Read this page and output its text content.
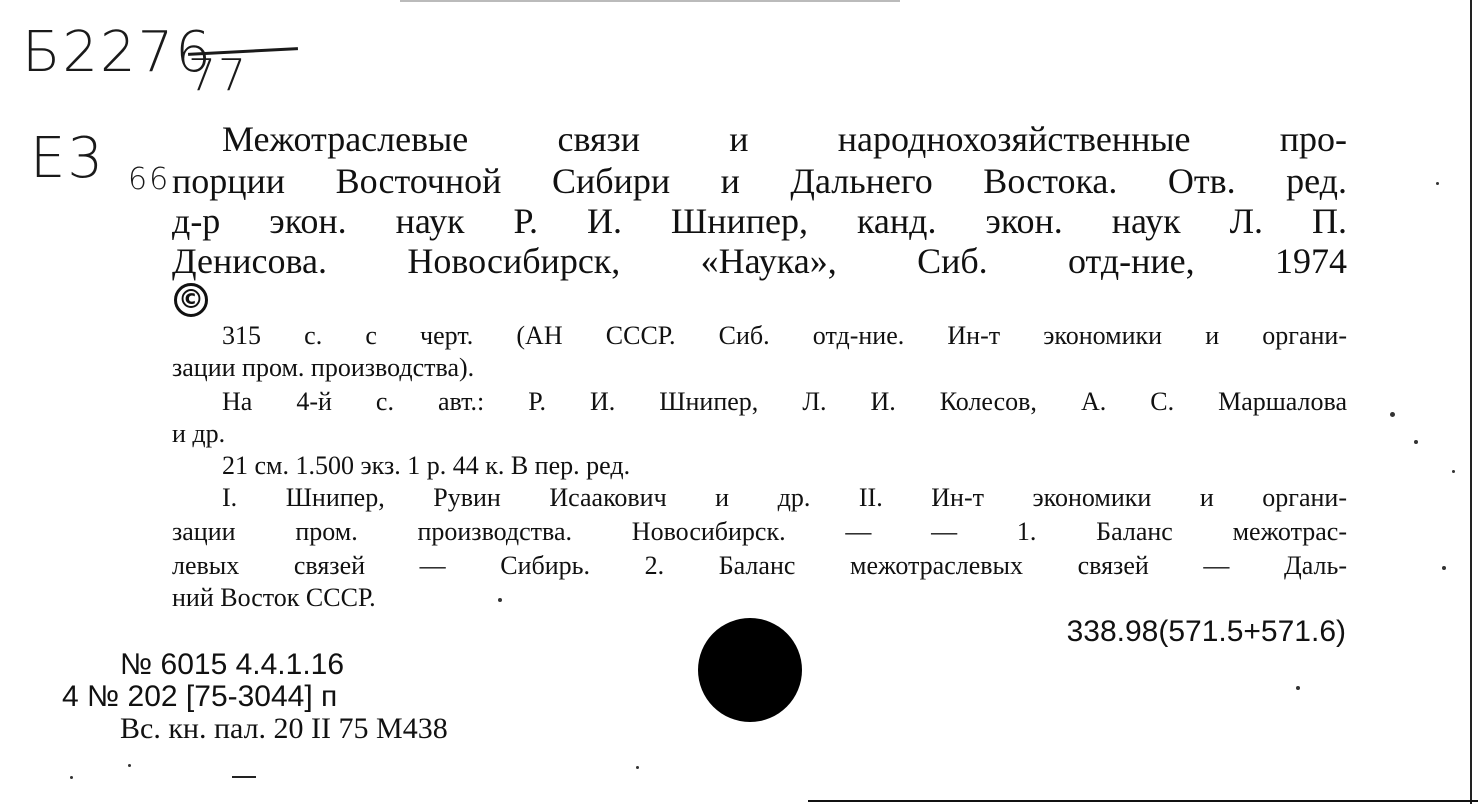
Б2276
77
Е3 66
Межотраслевые связи и народнохозяйственные про-
порции Восточной Сибири и Дальнего Востока. Отв. ред.
д-р экон. наук Р. И. Шнипер, канд. экон. наук Л. П.
Денисова. Новосибирск, «Наука», Сиб. отд-ние, 1974
©
315 с. с черт. (АН СССР. Сиб. отд-ние. Ин-т экономики и органи-
зации пром. производства).
На 4-й с. авт.: Р. И. Шнипер, Л. И. Колесов, А. С. Маршалова
и др.
21 см. 1.500 экз. 1 р. 44 к. В пер. ред.
I. Шнипер, Рувин Исаакович и др. II. Ин-т экономики и органи-
зации пром. производства. Новосибирск. — — 1. Баланс межотрас-
левых связей — Сибирь. 2. Баланс межотраслевых связей — Даль-
ний Восток СССР.
338.98(571.5+571.6)
№ 6015 4.4.1.16
4 № 202 [75-3044] п
Вс. кн. пал. 20 II 75 М438
